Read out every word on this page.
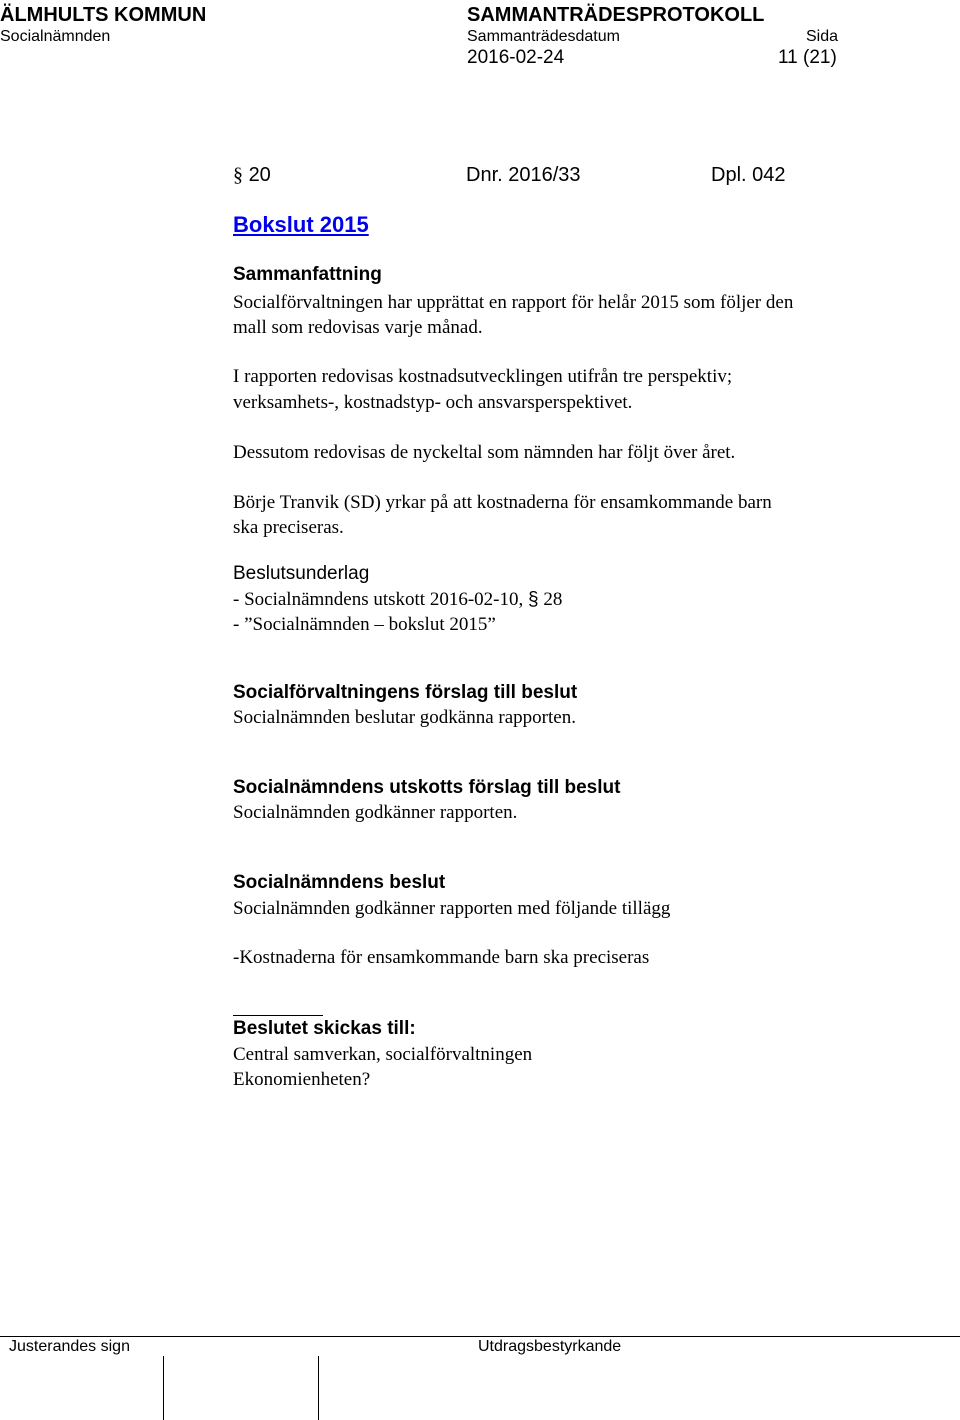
ÄLMHULTS KOMMUN	SAMMANTRÄDESPROTOKOLL
Socialnämnden	Sammanträdesdatum	Sida
2016-02-24	11 (21)
§ 20	Dnr. 2016/33	Dpl. 042
Bokslut 2015
Sammanfattning
Socialförvaltningen har upprättat en rapport för helår 2015 som följer den
mall som redovisas varje månad.
I rapporten redovisas kostnadsutvecklingen utifrån tre perspektiv;
verksamhets-, kostnadstyp- och ansvarsperspektivet.
Dessutom redovisas de nyckeltal som nämnden har följt över året.
Börje Tranvik (SD) yrkar på att kostnaderna för ensamkommande barn
ska preciseras.
Beslutsunderlag
- Socialnämndens utskott 2016-02-10, § 28
- ”Socialnämnden – bokslut 2015”
Socialförvaltningens förslag till beslut
Socialnämnden beslutar godkänna rapporten.
Socialnämndens utskotts förslag till beslut
Socialnämnden godkänner rapporten.
Socialnämndens beslut
Socialnämnden godkänner rapporten med följande tillägg
-Kostnaderna för ensamkommande barn ska preciseras
Beslutet skickas till:
Central samverkan, socialförvaltningen
Ekonomienheten?
Justerandes sign	Utdragsbestyrkande
